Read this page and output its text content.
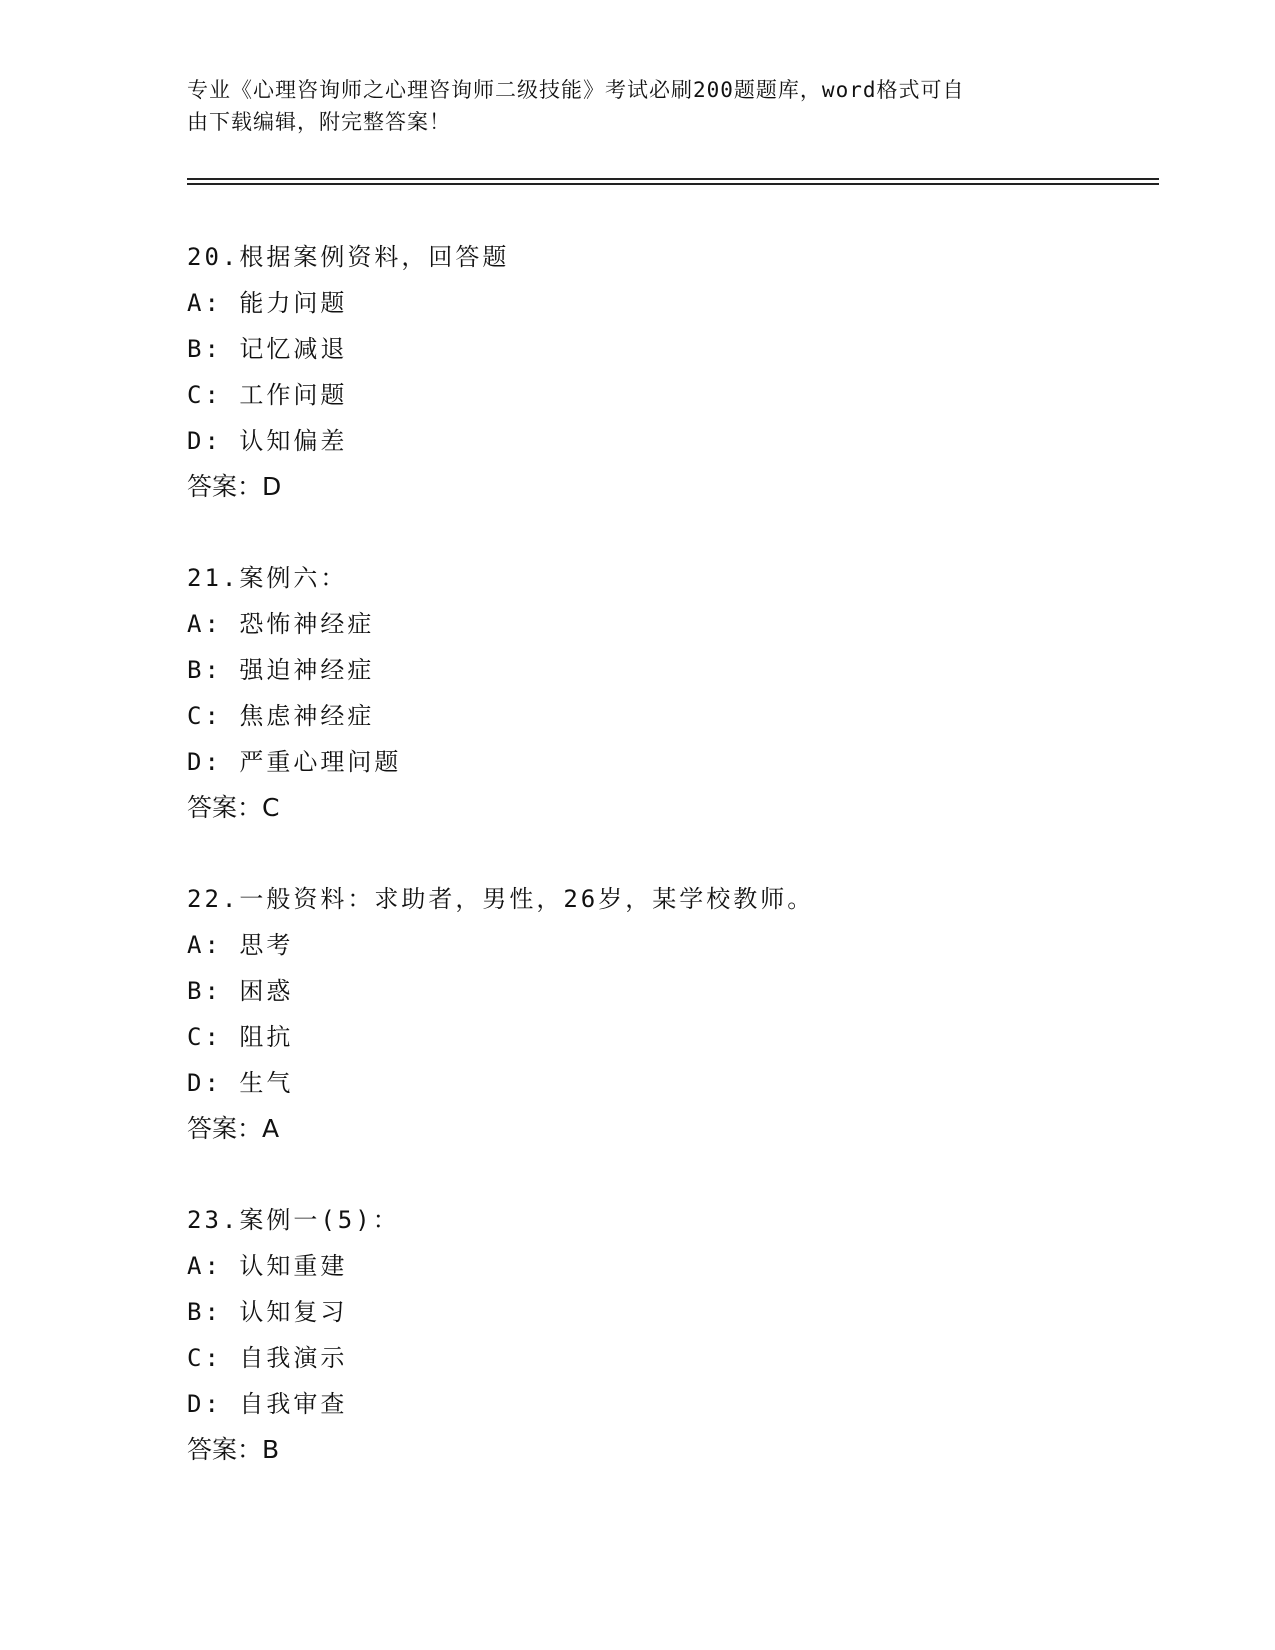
专业《心理咨询师之心理咨询师二级技能》考试必刷200题题库，word格式可自
由下载编辑，附完整答案！
20.根据案例资料，回答题
A: 能力问题
B: 记忆减退
C: 工作问题
D: 认知偏差
答案：D
21.案例六：
A: 恐怖神经症
B: 强迫神经症
C: 焦虑神经症
D: 严重心理问题
答案：C
22.一般资料：求助者，男性，26岁，某学校教师。
A: 思考
B: 困惑
C: 阻抗
D: 生气
答案：A
23.案例一(5)：
A: 认知重建
B: 认知复习
C: 自我演示
D: 自我审查
答案：B
